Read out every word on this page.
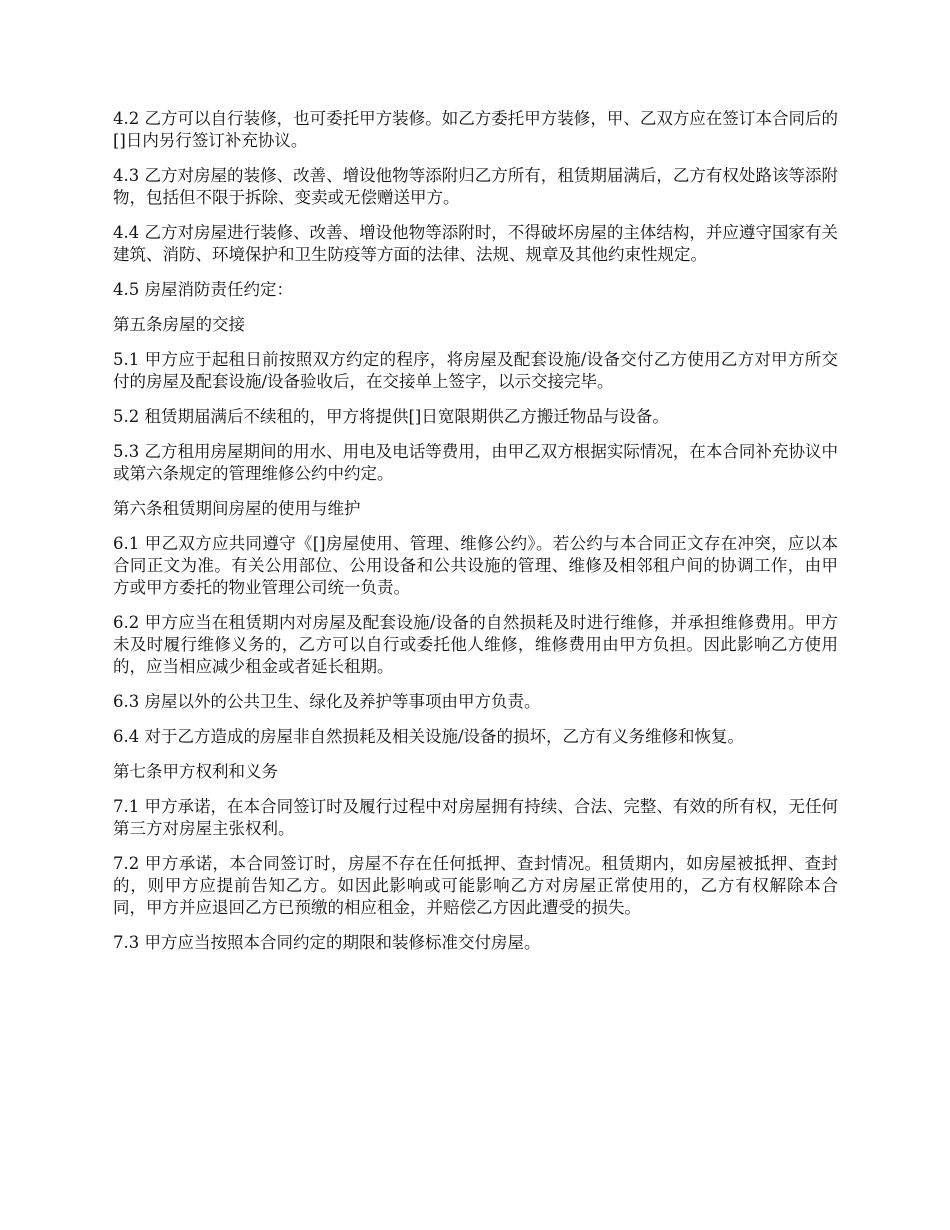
4.2 乙方可以自行装修，也可委托甲方装修。如乙方委托甲方装修，甲、乙双方应在签订本合同后的[]日内另行签订补充协议。

4.3 乙方对房屋的装修、改善、增设他物等添附归乙方所有，租赁期届满后，乙方有权处路该等添附物，包括但不限于拆除、变卖或无偿赠送甲方。

4.4 乙方对房屋进行装修、改善、增设他物等添附时，不得破坏房屋的主体结构，并应遵守国家有关建筑、消防、环境保护和卫生防疫等方面的法律、法规、规章及其他约束性规定。

4.5 房屋消防责任约定：

第五条房屋的交接

5.1 甲方应于起租日前按照双方约定的程序，将房屋及配套设施/设备交付乙方使用乙方对甲方所交付的房屋及配套设施/设备验收后，在交接单上签字，以示交接完毕。

5.2 租赁期届满后不续租的，甲方将提供[]日宽限期供乙方搬迁物品与设备。

5.3 乙方租用房屋期间的用水、用电及电话等费用，由甲乙双方根据实际情况，在本合同补充协议中或第六条规定的管理维修公约中约定。

第六条租赁期间房屋的使用与维护

6.1 甲乙双方应共同遵守《[]房屋使用、管理、维修公约》。若公约与本合同正文存在冲突，应以本合同正文为准。有关公用部位、公用设备和公共设施的管理、维修及相邻租户间的协调工作，由甲方或甲方委托的物业管理公司统一负责。

6.2 甲方应当在租赁期内对房屋及配套设施/设备的自然损耗及时进行维修，并承担维修费用。甲方未及时履行维修义务的，乙方可以自行或委托他人维修，维修费用由甲方负担。因此影响乙方使用的，应当相应减少租金或者延长租期。

6.3 房屋以外的公共卫生、绿化及养护等事项由甲方负责。

6.4 对于乙方造成的房屋非自然损耗及相关设施/设备的损坏，乙方有义务维修和恢复。

第七条甲方权利和义务

7.1 甲方承诺，在本合同签订时及履行过程中对房屋拥有持续、合法、完整、有效的所有权，无任何第三方对房屋主张权利。

7.2 甲方承诺，本合同签订时，房屋不存在任何抵押、查封情况。租赁期内，如房屋被抵押、查封的，则甲方应提前告知乙方。如因此影响或可能影响乙方对房屋正常使用的，乙方有权解除本合同，甲方并应退回乙方已预缴的相应租金，并赔偿乙方因此遭受的损失。

7.3 甲方应当按照本合同约定的期限和装修标准交付房屋。
